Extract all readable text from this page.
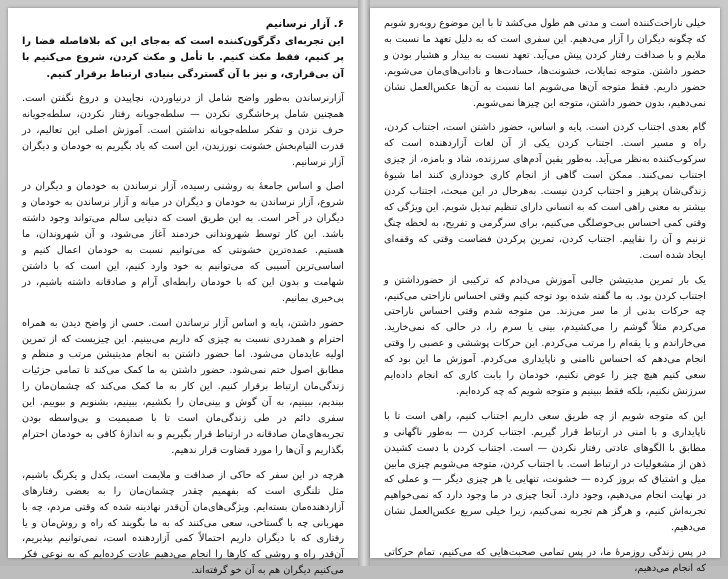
۶. آزار نرسانیم

این تجربه‌ای دگرگون‌کننده است که به‌جای این که بلافاصله فضا را پر کنیم، فقط مکث کنیم. با تأمل و مکث کردن، شروع می‌کنیم با آن بی‌قراری، و نیز با آن گستردگی بنیادی ارتباط برقرار کنیم.

آزارنرساندن به‌طور واضح شامل از درنیاوردن، نچاپیدن و دروغ نگفتن است. همچنین شامل پرخاشگری نکردن — سلطه‌جویانه رفتار نکردن، سلطه‌جویانه حرف نزدن و تفکر سلطه‌جویانه نداشتن است. آموزش اصلی این تعالیم، در قدرت التیام‌بخش خشونت نورزیدن، این است که یاد بگیریم به خودمان و دیگران آزار نرسانیم.

اصل و اساس جامعهٔ به روشنی رسیده، آزار نرساندن به خودمان و دیگران در شروع، آزار نرساندن به خودمان و دیگران در میانه و آزار نرساندن به خودمان و دیگران در آخر است. به این طریق است که دنیایی سالم می‌تواند وجود داشته باشد. این کار توسط شهروندانی خردمند آغاز می‌شود، و آن شهروندان، ما هستیم. عمده‌ترین خشونتی که می‌توانیم نسبت به خودمان اعمال کنیم و اساسی‌ترین آسیبی که می‌توانیم به خود وارد کنیم، این است که با داشتن شهامت و بدون این که با خودمان رابطه‌ای آرام و صادقانه داشته باشیم، در بی‌خبری بمانیم.

حضور داشتن، پایه و اساس آزار نرساندن است. حسی از واضح دیدن به همراه احترام و همدردی نسبت به چیزی که داریم می‌بینیم. این چیزیست که از تمرین اولیه عایدمان می‌شود. اما حضور داشتن به انجام مدیتیشن مرتب و منظم و مطابق اصول ختم نمی‌شود. حضور داشتن به ما کمک می‌کند تا تمامی جزئیات زندگی‌مان ارتباط برقرار کنیم. این کار به ما کمک می‌کند که چشمان‌مان را ببندیم، ببینیم، به آن گوش و بینی‌مان را بکشیم، ببینیم، بشنویم و ببوییم. این سفری دائم در طی زندگی‌مان است تا با صمیمیت و بی‌واسطه بودن تجربه‌های‌مان صادقانه در ارتباط قرار بگیریم و به اندازهٔ کافی به خودمان احترام بگذاریم و آن‌ها را مورد قضاوت قرار ندهیم.

هرچه در این سفر که حاکی از صداقت و ملایمت است، یکدل و یکرنگ باشیم، مثل تلنگری است که بفهمیم چقدر چشمان‌مان را به بعضی رفتارهای آزاردهنده‌مان بسته‌ایم. ویژگی‌های‌مان آن‌قدر نهادینه شده که وقتی مردم، چه با مهربانی چه با گستاخی، سعی می‌کنند که به ما بگویند که راه و روش‌مان و یا رفتاری که با دیگران داریم احتمالاً کمی آزاردهنده است، نمی‌توانیم بپذیریم، آن‌قدر راه و روشی که کارها را انجام می‌دهیم عادت کرده‌ایم که به نوعی فکر می‌کنیم دیگران هم به آن خو گرفته‌اند.

خیلی ناراحت‌کننده است و مدتی هم طول می‌کشد تا با این موضوع روبه‌رو شویم که چگونه دیگران را آزار می‌دهیم. این سفری است که به دلیل تعهد ما نسبت به ملایم و با صداقت رفتار کردن پیش می‌آید. تعهد نسبت به بیدار و هشیار بودن و حضور داشتن. متوجه تمایلات، خشونت‌ها، حسادت‌ها و نادانی‌های‌مان می‌شویم. حضور داریم. فقط متوجه آن‌ها می‌شویم اما نسبت به آن‌ها عکس‌العمل نشان نمی‌دهیم، بدون حضور داشتن، متوجه این چیزها نمی‌شویم.

گام بعدی اجتناب کردن است. پایه و اساس، حضور داشتن است، اجتناب کردن، راه و مسیر است. اجتناب کردن یکی از آن لغات آزاردهنده است که سرکوب‌کننده به‌نظر می‌آید. به‌طور یقین آدم‌های سرزنده، شاد و بامزه، از چیزی اجتناب نمی‌کنند. ممکن است گاهی از انجام کاری خودداری کنند اما شیوهٔ زندگی‌شان پرهیز و اجتناب کردن نیست. به‌هرحال در این مبحث، اجتناب کردن بیشتر به معنی راهی است که به انسانی دارای تنظیم تبدیل شویم. این ویژگی که وقتی کمی احساس بی‌حوصلگی می‌کنیم، برای سرگرمی و تفریح، به لحظه چنگ نزنیم و آن را نقاپیم. اجتناب کردن، تمرین پرکردن فضاست وقتی که وقفه‌ای ایجاد شده است.

یک بار تمرین مدیتیشن جالبی آموزش می‌دادم که ترکیبی از حضورداشتن و اجتناب کردن بود. به ما گفته شده بود توجه کنیم وقتی احساس ناراحتی می‌کنیم، چه حرکات بدنی از ما سر می‌زند. من متوجه شدم وقتی احساس ناراحتی می‌کردم مثلاً گوشم را می‌کشیدم، بینی یا سرم را، در حالی که نمی‌خارید. می‌خاراندم و یا یقه‌ام را مرتب می‌کردم. این حرکات پوششی و عصبی را وقتی انجام می‌دهم که احساس ناامنی و ناپایداری می‌کردم. آموزش ما این بود که سعی کنیم هیچ چیز را عوض نکنیم، خودمان را بابت کاری که انجام داده‌ایم سرزنش نکنیم، بلکه فقط ببینیم و متوجه شویم که چه کرده‌ایم.

این که متوجه شویم از چه طریق سعی داریم اجتناب کنیم، راهی است تا با ناپایداری و با امنی در ارتباط قرار گیریم. اجتناب کردن — به‌طور ناگهانی و مطابق با الگوهای عادتی رفتار نکردن — است. اجتناب کردن با دست کشیدن ذهن از مشغولیات در ارتباط است. با اجتناب کردن، متوجه می‌شویم چیزی مابین میل و اشتیاق که بروز کرده — خشونت، تنهایی یا هر چیزی دیگر — و عملی که در نهایت انجام می‌دهیم، وجود دارد. آنجا چیزی در ما وجود دارد که نمی‌خواهیم تجربه‌اش کنیم، و هرگز هم تجربه نمی‌کنیم، زیرا خیلی سریع عکس‌العمل نشان می‌دهیم.

در پس زندگی روزمرهٔ ما، در پس تمامی صحبت‌هایی که می‌کنیم، تمام حرکاتی که انجام می‌دهیم،
